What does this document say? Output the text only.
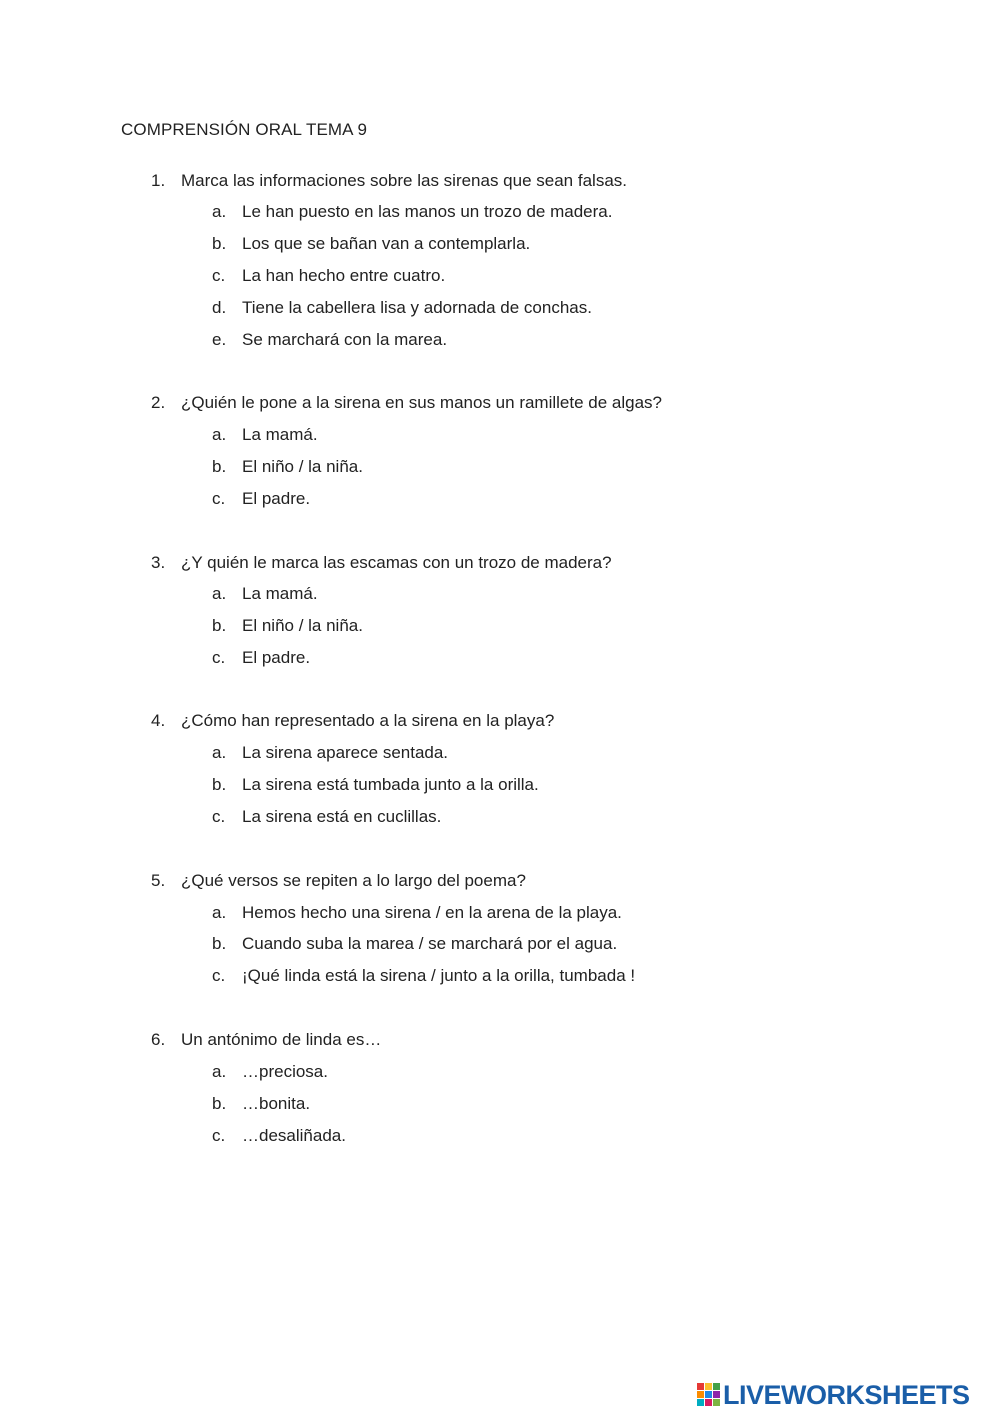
COMPRENSIÓN ORAL TEMA 9
1. Marca las informaciones sobre las sirenas que sean falsas.
a. Le han puesto en las manos un trozo de madera.
b. Los que se bañan van a contemplarla.
c. La han hecho entre cuatro.
d. Tiene la cabellera lisa y adornada de conchas.
e. Se marchará con la marea.
2. ¿Quién le pone a la sirena en sus manos un ramillete de algas?
a. La mamá.
b. El niño / la niña.
c. El padre.
3. ¿Y quién le marca las escamas con un trozo de madera?
a. La mamá.
b. El niño / la niña.
c. El padre.
4. ¿Cómo han representado a la sirena en la playa?
a. La sirena aparece sentada.
b. La sirena está tumbada junto a la orilla.
c. La sirena está en cuclillas.
5. ¿Qué versos se repiten a lo largo del poema?
a. Hemos hecho una sirena / en la arena de la playa.
b. Cuando suba la marea / se marchará por el agua.
c. ¡Qué linda está la sirena / junto a la orilla, tumbada !
6. Un antónimo de linda es…
a. …preciosa.
b. …bonita.
c. …desaliñada.
LIVEWORKSHEETS
